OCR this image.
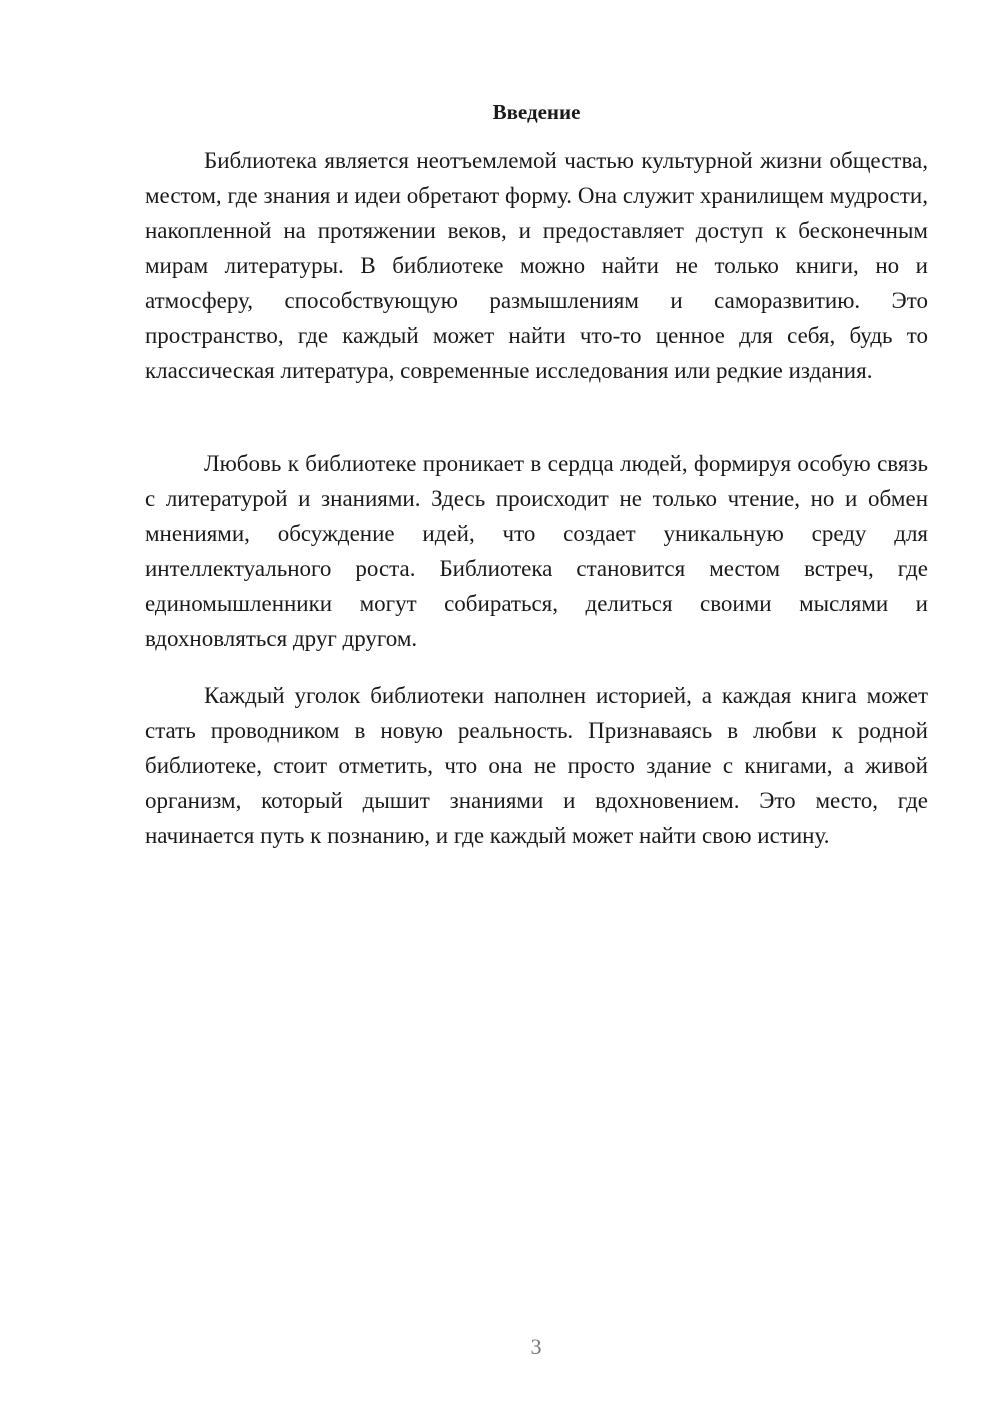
Введение

Библиотека является неотъемлемой частью культурной жизни общества, местом, где знания и идеи обретают форму. Она служит хранилищем мудрости, накопленной на протяжении веков, и предоставляет доступ к бесконечным мирам литературы. В библиотеке можно найти не только книги, но и атмосферу, способствующую размышлениям и саморазвитию. Это пространство, где каждый может найти что-то ценное для себя, будь то классическая литература, современные исследования или редкие издания.

Любовь к библиотеке проникает в сердца людей, формируя особую связь с литературой и знаниями. Здесь происходит не только чтение, но и обмен мнениями, обсуждение идей, что создает уникальную среду для интеллектуального роста. Библиотека становится местом встреч, где единомышленники могут собираться, делиться своими мыслями и вдохновляться друг другом.

Каждый уголок библиотеки наполнен историей, а каждая книга может стать проводником в новую реальность. Признаваясь в любви к родной библиотеке, стоит отметить, что она не просто здание с книгами, а живой организм, который дышит знаниями и вдохновением. Это место, где начинается путь к познанию, и где каждый может найти свою истину.

3
